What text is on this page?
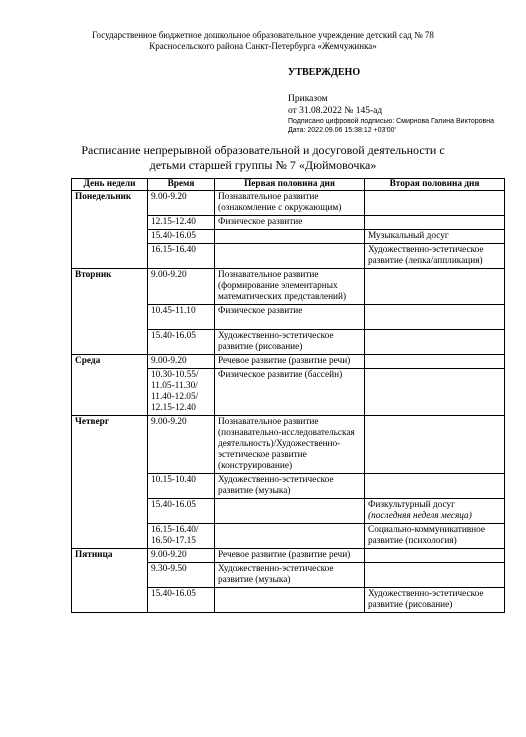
Государственное бюджетное дошкольное образовательное учреждение детский сад № 78
Красносельского района Санкт-Петербурга «Жемчужинка»
УТВЕРЖДЕНО
Приказом
от 31.08.2022 № 145-ад
Подписано цифровой подписью: Смирнова Галина Викторовна
Дата: 2022.09.06 15:38:12 +03'00'
Расписание непрерывной образовательной и досуговой деятельности с
детьми старшей группы № 7 «Дюймовочка»
День недели	Время	Первая половина дня	Вторая половина дня
Понедельник	9.00-9.20	Познавательное развитие (ознакомление с окружающим)	
	12.15-12.40	Физическое развитие	
	15.40-16.05		Музыкальный досуг
	16.15-16.40		Художественно-эстетическое развитие (лепка/аппликация)
Вторник	9.00-9.20	Познавательное развитие (формирование элементарных математических представлений)	
	10.45-11.10	Физическое развитие	
	15.40-16.05	Художественно-эстетическое развитие (рисование)	
Среда	9.00-9.20	Речевое развитие (развитие речи)	
	10.30-10.55/ 11.05-11.30/ 11.40-12.05/ 12.15-12.40	Физическое развитие (бассейн)	
Четверг	9.00-9.20	Познавательное развитие (познавательно-исследовательская деятельность)/Художественно-эстетическое развитие (конструирование)	
	10.15-10.40	Художественно-эстетическое развитие (музыка)	
	15.40-16.05		Физкультурный досуг
(последняя неделя месяца)

	16.15-16.40/ 16.50-17.15		Социально-коммуникативное развитие (психология)
Пятница	9.00-9.20	Речевое развитие (развитие речи)	
	9.30-9.50	Художественно-эстетическое развитие (музыка)	
	15.40-16.05		Художественно-эстетическое развитие (рисование)
